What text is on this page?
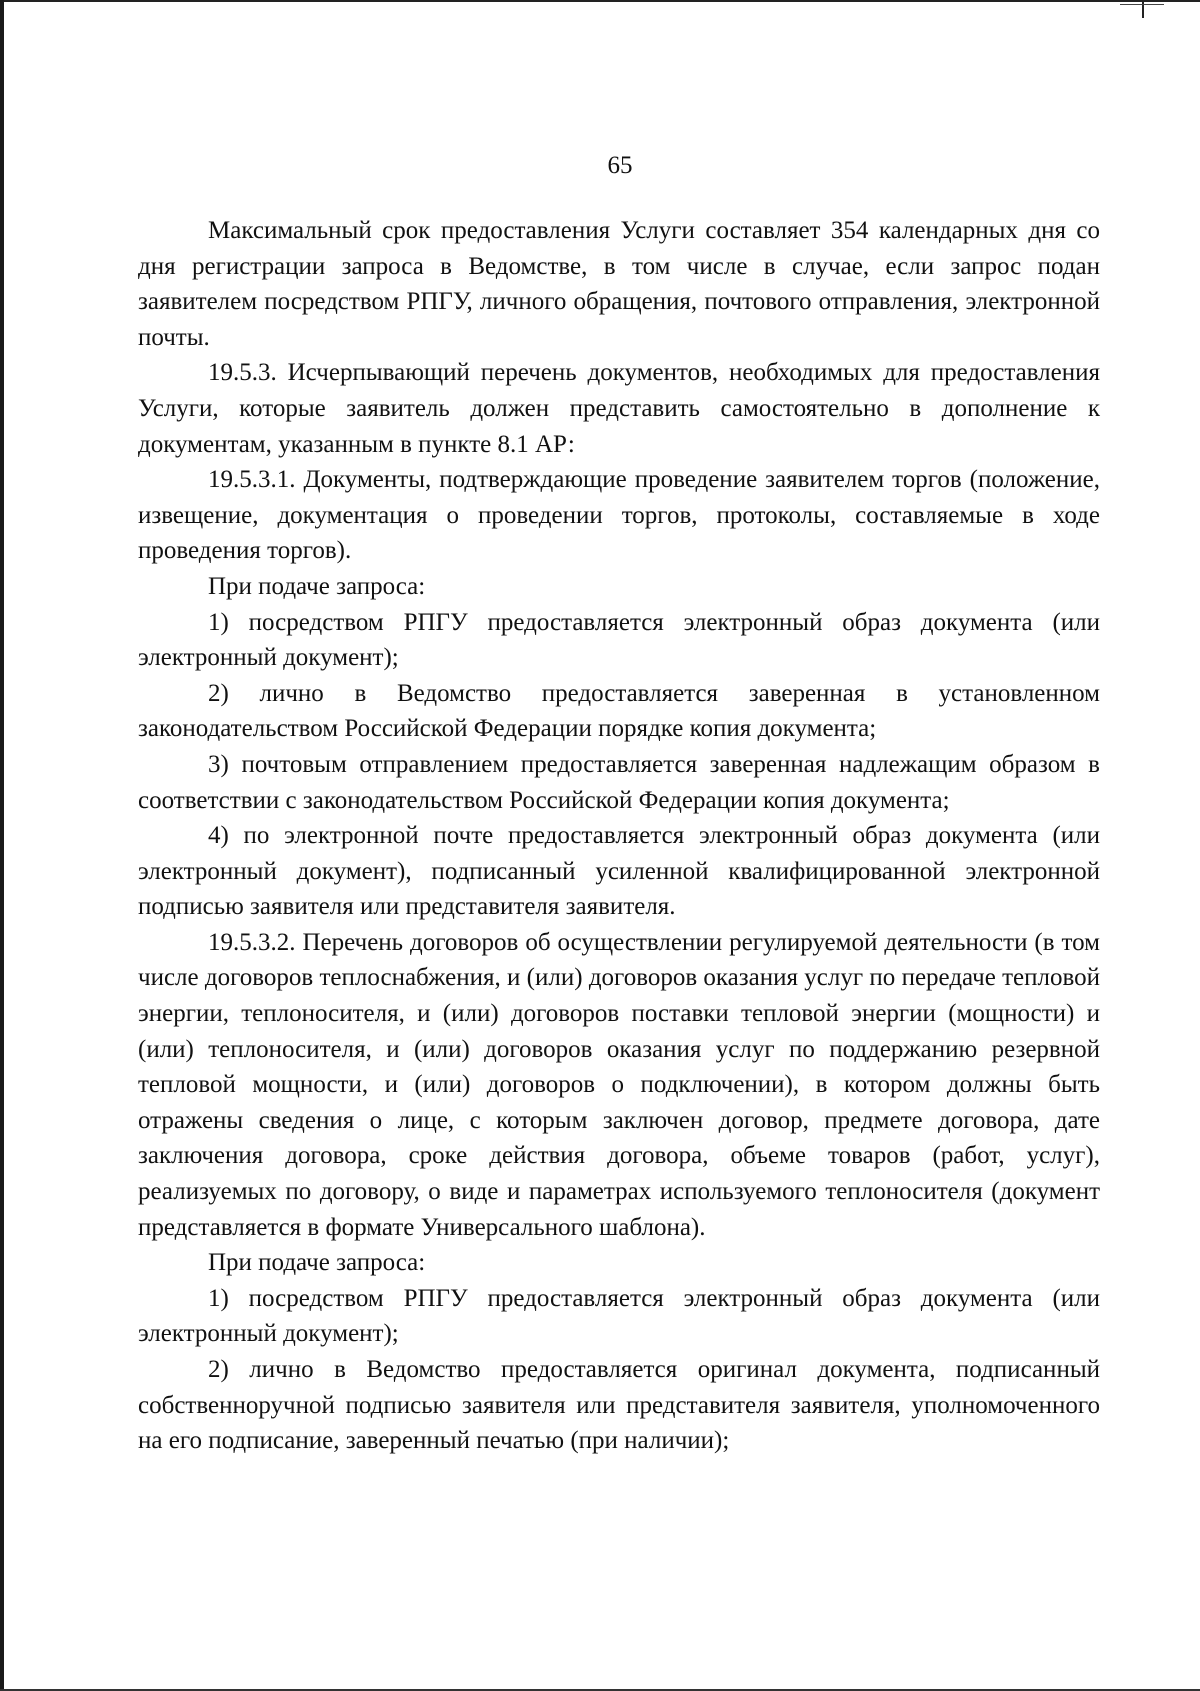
65

Максимальный срок предоставления Услуги составляет 354 календарных дня со дня регистрации запроса в Ведомстве, в том числе в случае, если запрос подан заявителем посредством РПГУ, личного обращения, почтового отправления, электронной почты.

19.5.3. Исчерпывающий перечень документов, необходимых для предоставления Услуги, которые заявитель должен представить самостоятельно в дополнение к документам, указанным в пункте 8.1 АР:

19.5.3.1. Документы, подтверждающие проведение заявителем торгов (положение, извещение, документация о проведении торгов, протоколы, составляемые в ходе проведения торгов).

При подаче запроса:

1) посредством РПГУ предоставляется электронный образ документа (или электронный документ);

2) лично в Ведомство предоставляется заверенная в установленном законодательством Российской Федерации порядке копия документа;

3) почтовым отправлением предоставляется заверенная надлежащим образом в соответствии с законодательством Российской Федерации копия документа;

4) по электронной почте предоставляется электронный образ документа (или электронный документ), подписанный усиленной квалифицированной электронной подписью заявителя или представителя заявителя.

19.5.3.2. Перечень договоров об осуществлении регулируемой деятельности (в том числе договоров теплоснабжения, и (или) договоров оказания услуг по передаче тепловой энергии, теплоносителя, и (или) договоров поставки тепловой энергии (мощности) и (или) теплоносителя, и (или) договоров оказания услуг по поддержанию резервной тепловой мощности, и (или) договоров о подключении), в котором должны быть отражены сведения о лице, с которым заключен договор, предмете договора, дате заключения договора, сроке действия договора, объеме товаров (работ, услуг), реализуемых по договору, о виде и параметрах используемого теплоносителя (документ представляется в формате Универсального шаблона).

При подаче запроса:

1) посредством РПГУ предоставляется электронный образ документа (или электронный документ);

2) лично в Ведомство предоставляется оригинал документа, подписанный собственноручной подписью заявителя или представителя заявителя, уполномоченного на его подписание, заверенный печатью (при наличии);
